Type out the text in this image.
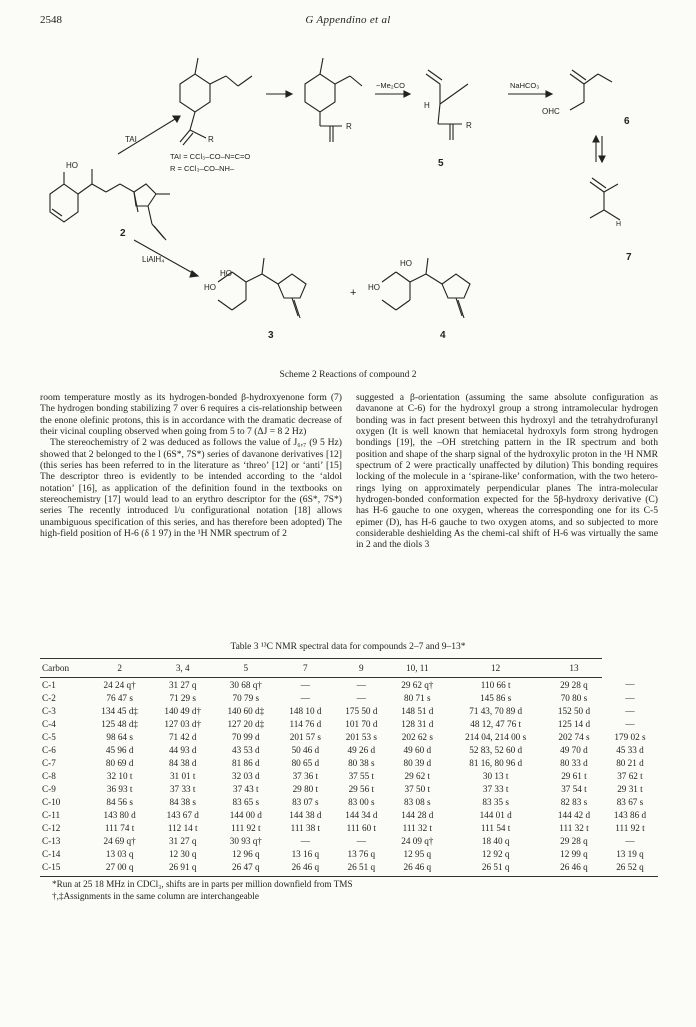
2548	G Appendino et al
HO
2
TAI
TAI = CCl₃–CO–N=C=O
R = CCl₃–CO–NH–
R
R
−Me₂CO
H
R
5
NaHCO₃
OHC
6
H
7
LiAlH₄
HO
HO
3
+
HO
HO
4
Scheme 2 Reactions of compound 2

room temperature mostly as its hydrogen-bonded β-hydroxyenone form (7) The hydrogen bonding stabilizing 7 over 6 requires a cis-relationship between the enone olefinic protons, this is in accordance with the dramatic decrease of their vicinal coupling observed when going from 5 to 7 (ΔJ = 8 2 Hz)

The stereochemistry of 2 was deduced as follows the value of J₆,₇ (9 5 Hz) showed that 2 belonged to the l (6S*, 7S*) series of davanone derivatives [12] (this series has been referred to in the literature as ‘threo’ [12] or ‘anti’ [15] The descriptor threo is evidently to be intended according to the ‘aldol notation’ [16], as application of the definition found in the textbooks on stereochemistry [17] would lead to an erythro descriptor for the (6S*, 7S*) series The recently introduced l/u configurational notation [18] allows unambiguous specification of this series, and has therefore been adopted) The high-field position of H-6 (δ 1 97) in the ¹H NMR spectrum of 2

suggested a β-orientation (assuming the same absolute configuration as davanone at C-6) for the hydroxyl group a strong intramolecular hydrogen bonding was in fact present between this hydroxyl and the tetrahydrofuranyl oxygen (It is well known that hemiacetal hydroxyls form strong hydrogen bondings [19], the –OH stretching pattern in the IR spectrum and both position and shape of the sharp signal of the hydroxylic proton in the ¹H NMR spectrum of 2 were practically unaffected by dilution) This bonding requires locking of the molecule in a ‘spirane-like’ conformation, with the two hetero-rings lying on approximately perpendicular planes The intra-molecular hydrogen-bonded conformation expected for the 5β-hydroxy derivative (C) has H-6 gauche to one oxygen, whereas the corresponding one for its C-5 epimer (D), has H-6 gauche to two oxygen atoms, and so subjected to more considerable deshielding As the chemi-cal shift of H-6 was virtually the same in 2 and the diols 3

Table 3 ¹³C NMR spectral data for compounds 2–7 and 9–13*
Carbon	2	3, 4	5	7	9	10, 11	12	13	
C-1	24 24 q†	31 27 q	30 68 q†	—	—	29 62 q†	110 66 t	29 28 q	—
C-2	76 47 s	71 29 s	70 79 s	—	—	80 71 s	145 86 s	70 80 s	—
C-3	134 45 d‡	140 49 d†	140 60 d‡	148 10 d	175 50 d	148 51 d	71 43, 70 89 d	152 50 d	—
C-4	125 48 d‡	127 03 d†	127 20 d‡	114 76 d	101 70 d	128 31 d	48 12, 47 76 t	125 14 d	—
C-5	98 64 s	71 42 d	70 99 d	201 57 s	201 53 s	202 62 s	214 04, 214 00 s	202 74 s	179 02 s
C-6	45 96 d	44 93 d	43 53 d	50 46 d	49 26 d	49 60 d	52 83, 52 60 d	49 70 d	45 33 d
C-7	80 69 d	84 38 d	81 86 d	80 65 d	80 38 s	80 39 d	81 16, 80 96 d	80 33 d	80 21 d
C-8	32 10 t	31 01 t	32 03 d	37 36 t	37 55 t	29 62 t	30 13 t	29 61 t	37 62 t
C-9	36 93 t	37 33 t	37 43 t	29 80 t	29 56 t	37 50 t	37 33 t	37 54 t	29 31 t
C-10	84 56 s	84 38 s	83 65 s	83 07 s	83 00 s	83 08 s	83 35 s	82 83 s	83 67 s
C-11	143 80 d	143 67 d	144 00 d	144 38 d	144 34 d	144 28 d	144 01 d	144 42 d	143 86 d
C-12	111 74 t	112 14 t	111 92 t	111 38 t	111 60 t	111 32 t	111 54 t	111 32 t	111 92 t
C-13	24 69 q†	31 27 q	30 93 q†	—	—	24 09 q†	18 40 q	29 28 q	—
C-14	13 03 q	12 30 q	12 96 q	13 16 q	13 76 q	12 95 q	12 92 q	12 99 q	13 19 q
C-15	27 00 q	26 91 q	26 47 q	26 46 q	26 51 q	26 46 q	26 51 q	26 46 q	26 52 q
*Run at 25 18 MHz in CDCl₃, shifts are in parts per million downfield from TMS
†,‡Assignments in the same column are interchangeable
